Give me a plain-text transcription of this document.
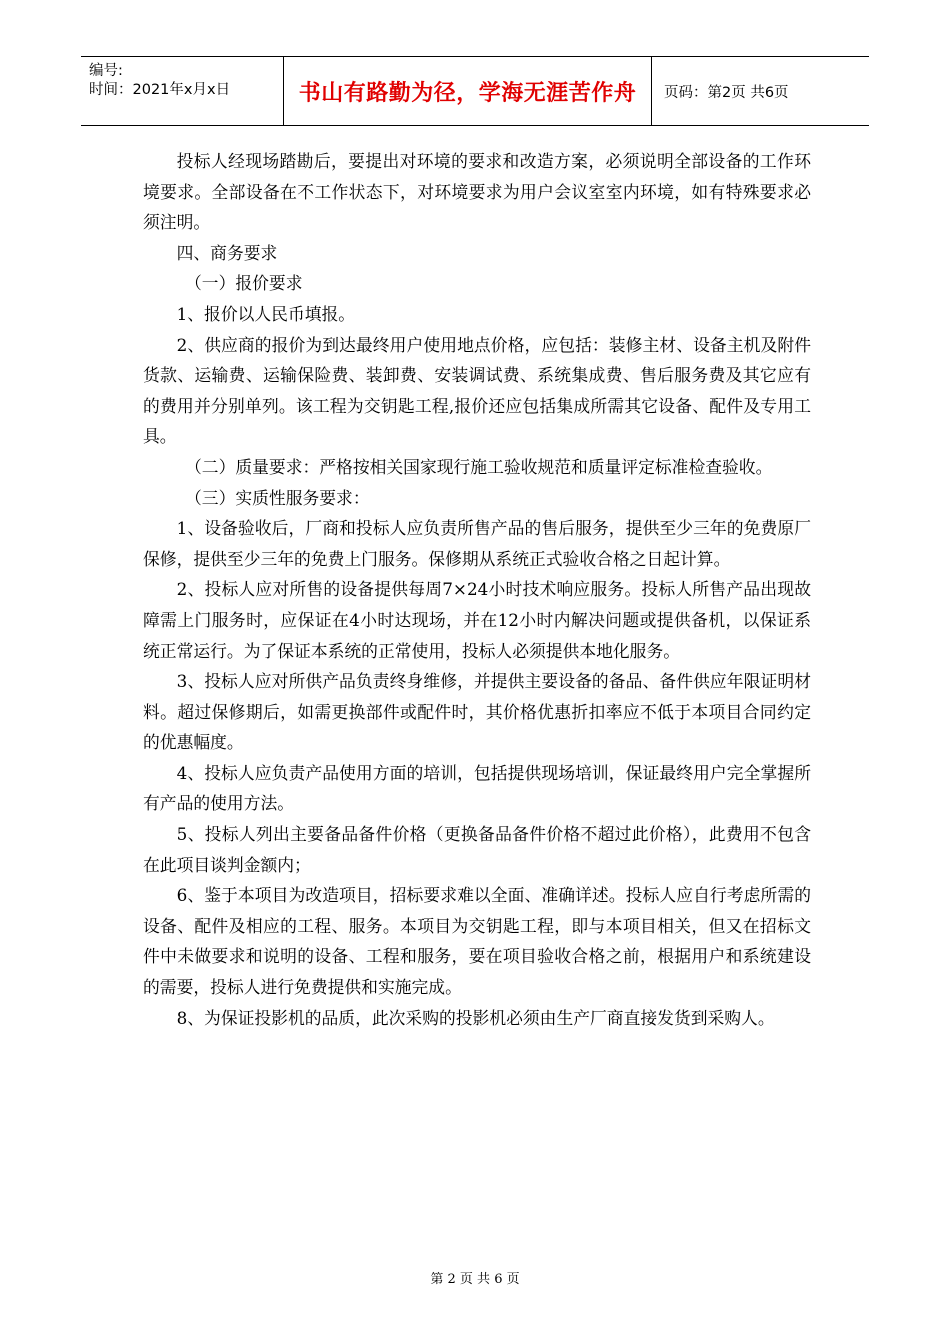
编号:
时间：2021年x月x日	书山有路勤为径，学海无涯苦作舟	页码：第2页 共6页

投标人经现场踏勘后，要提出对环境的要求和改造方案，必须说明全部设备的工作环境要求。全部设备在不工作状态下，对环境要求为用户会议室室内环境，如有特殊要求必须注明。

四、商务要求

（一）报价要求

1、报价以人民币填报。

2、供应商的报价为到达最终用户使用地点价格，应包括：装修主材、设备主机及附件货款、运输费、运输保险费、装卸费、安装调试费、系统集成费、售后服务费及其它应有的费用并分别单列。该工程为交钥匙工程,报价还应包括集成所需其它设备、配件及专用工具。

（二）质量要求：严格按相关国家现行施工验收规范和质量评定标准检查验收。

（三）实质性服务要求：

1、设备验收后，厂商和投标人应负责所售产品的售后服务，提供至少三年的免费原厂保修，提供至少三年的免费上门服务。保修期从系统正式验收合格之日起计算。

2、投标人应对所售的设备提供每周7×24小时技术响应服务。投标人所售产品出现故障需上门服务时，应保证在4小时达现场，并在12小时内解决问题或提供备机，以保证系统正常运行。为了保证本系统的正常使用，投标人必须提供本地化服务。

3、投标人应对所供产品负责终身维修，并提供主要设备的备品、备件供应年限证明材料。超过保修期后，如需更换部件或配件时，其价格优惠折扣率应不低于本项目合同约定的优惠幅度。

4、投标人应负责产品使用方面的培训，包括提供现场培训，保证最终用户完全掌握所有产品的使用方法。

5、投标人列出主要备品备件价格（更换备品备件价格不超过此价格），此费用不包含在此项目谈判金额内；

6、鉴于本项目为改造项目，招标要求难以全面、准确详述。投标人应自行考虑所需的设备、配件及相应的工程、服务。本项目为交钥匙工程，即与本项目相关，但又在招标文件中未做要求和说明的设备、工程和服务，要在项目验收合格之前，根据用户和系统建设的需要，投标人进行免费提供和实施完成。

8、为保证投影机的品质，此次采购的投影机必须由生产厂商直接发货到采购人。

第 2 页 共 6 页
